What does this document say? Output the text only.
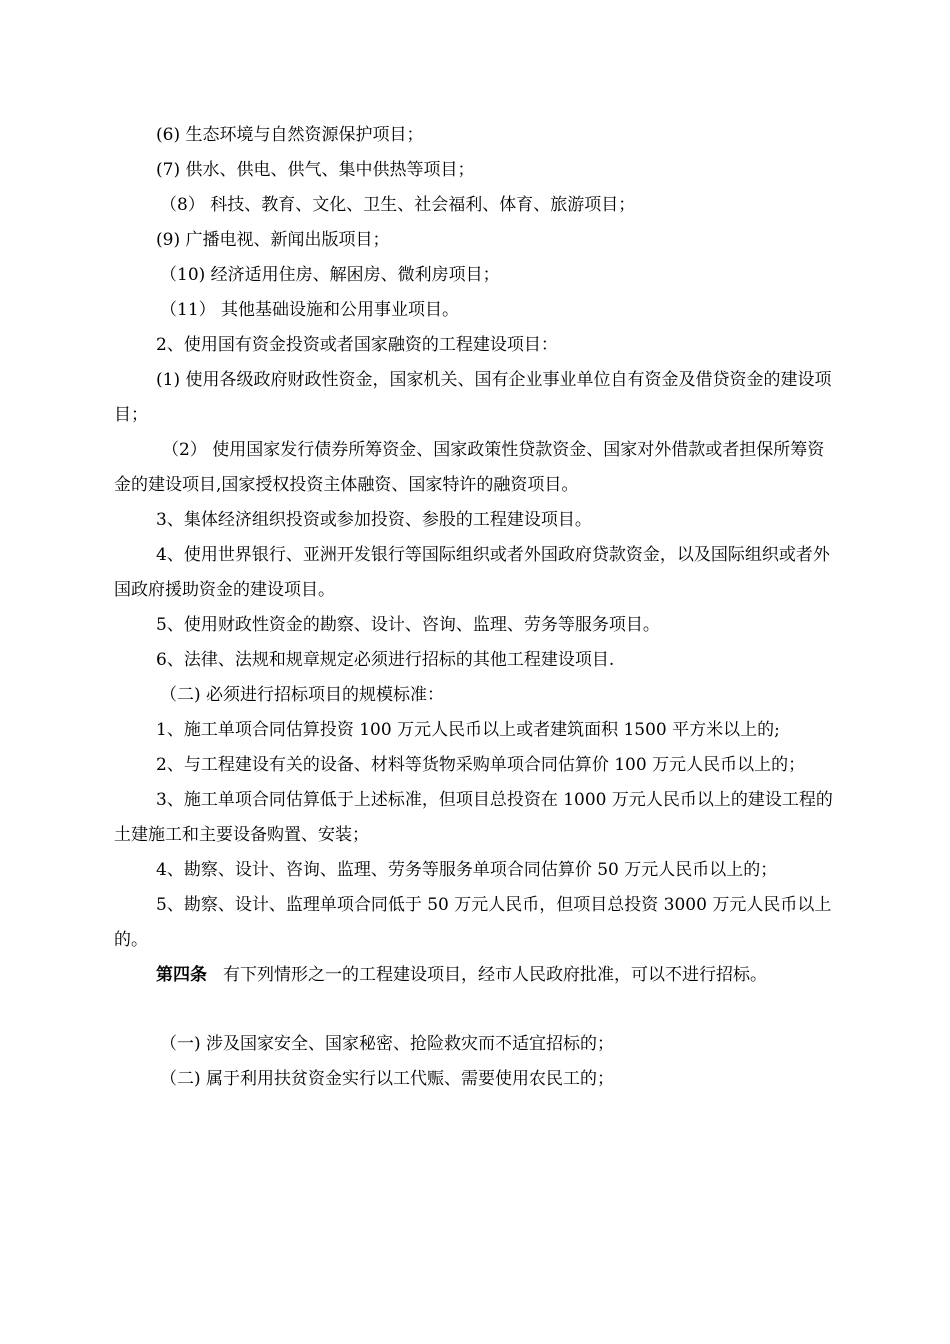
(6) 生态环境与自然资源保护项目；

(7) 供水、供电、供气、集中供热等项目；

（8） 科技、教育、文化、卫生、社会福利、体育、旅游项目；

(9) 广播电视、新闻出版项目；

（10) 经济适用住房、解困房、微利房项目；

（11） 其他基础设施和公用事业项目。

2、使用国有资金投资或者国家融资的工程建设项目：

(1) 使用各级政府财政性资金，国家机关、国有企业事业单位自有资金及借贷资金的建设项目；

（2） 使用国家发行债券所筹资金、国家政策性贷款资金、国家对外借款或者担保所筹资金的建设项目,国家授权投资主体融资、国家特许的融资项目。

3、集体经济组织投资或参加投资、参股的工程建设项目。

4、使用世界银行、亚洲开发银行等国际组织或者外国政府贷款资金，以及国际组织或者外国政府援助资金的建设项目。

5、使用财政性资金的勘察、设计、咨询、监理、劳务等服务项目。

6、法律、法规和规章规定必须进行招标的其他工程建设项目.

（二) 必须进行招标项目的规模标准：

1、施工单项合同估算投资 100 万元人民币以上或者建筑面积 1500 平方米以上的;

2、与工程建设有关的设备、材料等货物采购单项合同估算价 100 万元人民币以上的；

3、施工单项合同估算低于上述标准，但项目总投资在 1000 万元人民币以上的建设工程的土建施工和主要设备购置、安装；

4、勘察、设计、咨询、监理、劳务等服务单项合同估算价 50 万元人民币以上的；

5、勘察、设计、监理单项合同低于 50 万元人民币，但项目总投资 3000 万元人民币以上的。

第四条 有下列情形之一的工程建设项目，经市人民政府批准，可以不进行招标。

（一) 涉及国家安全、国家秘密、抢险救灾而不适宜招标的；

（二) 属于利用扶贫资金实行以工代赈、需要使用农民工的；
